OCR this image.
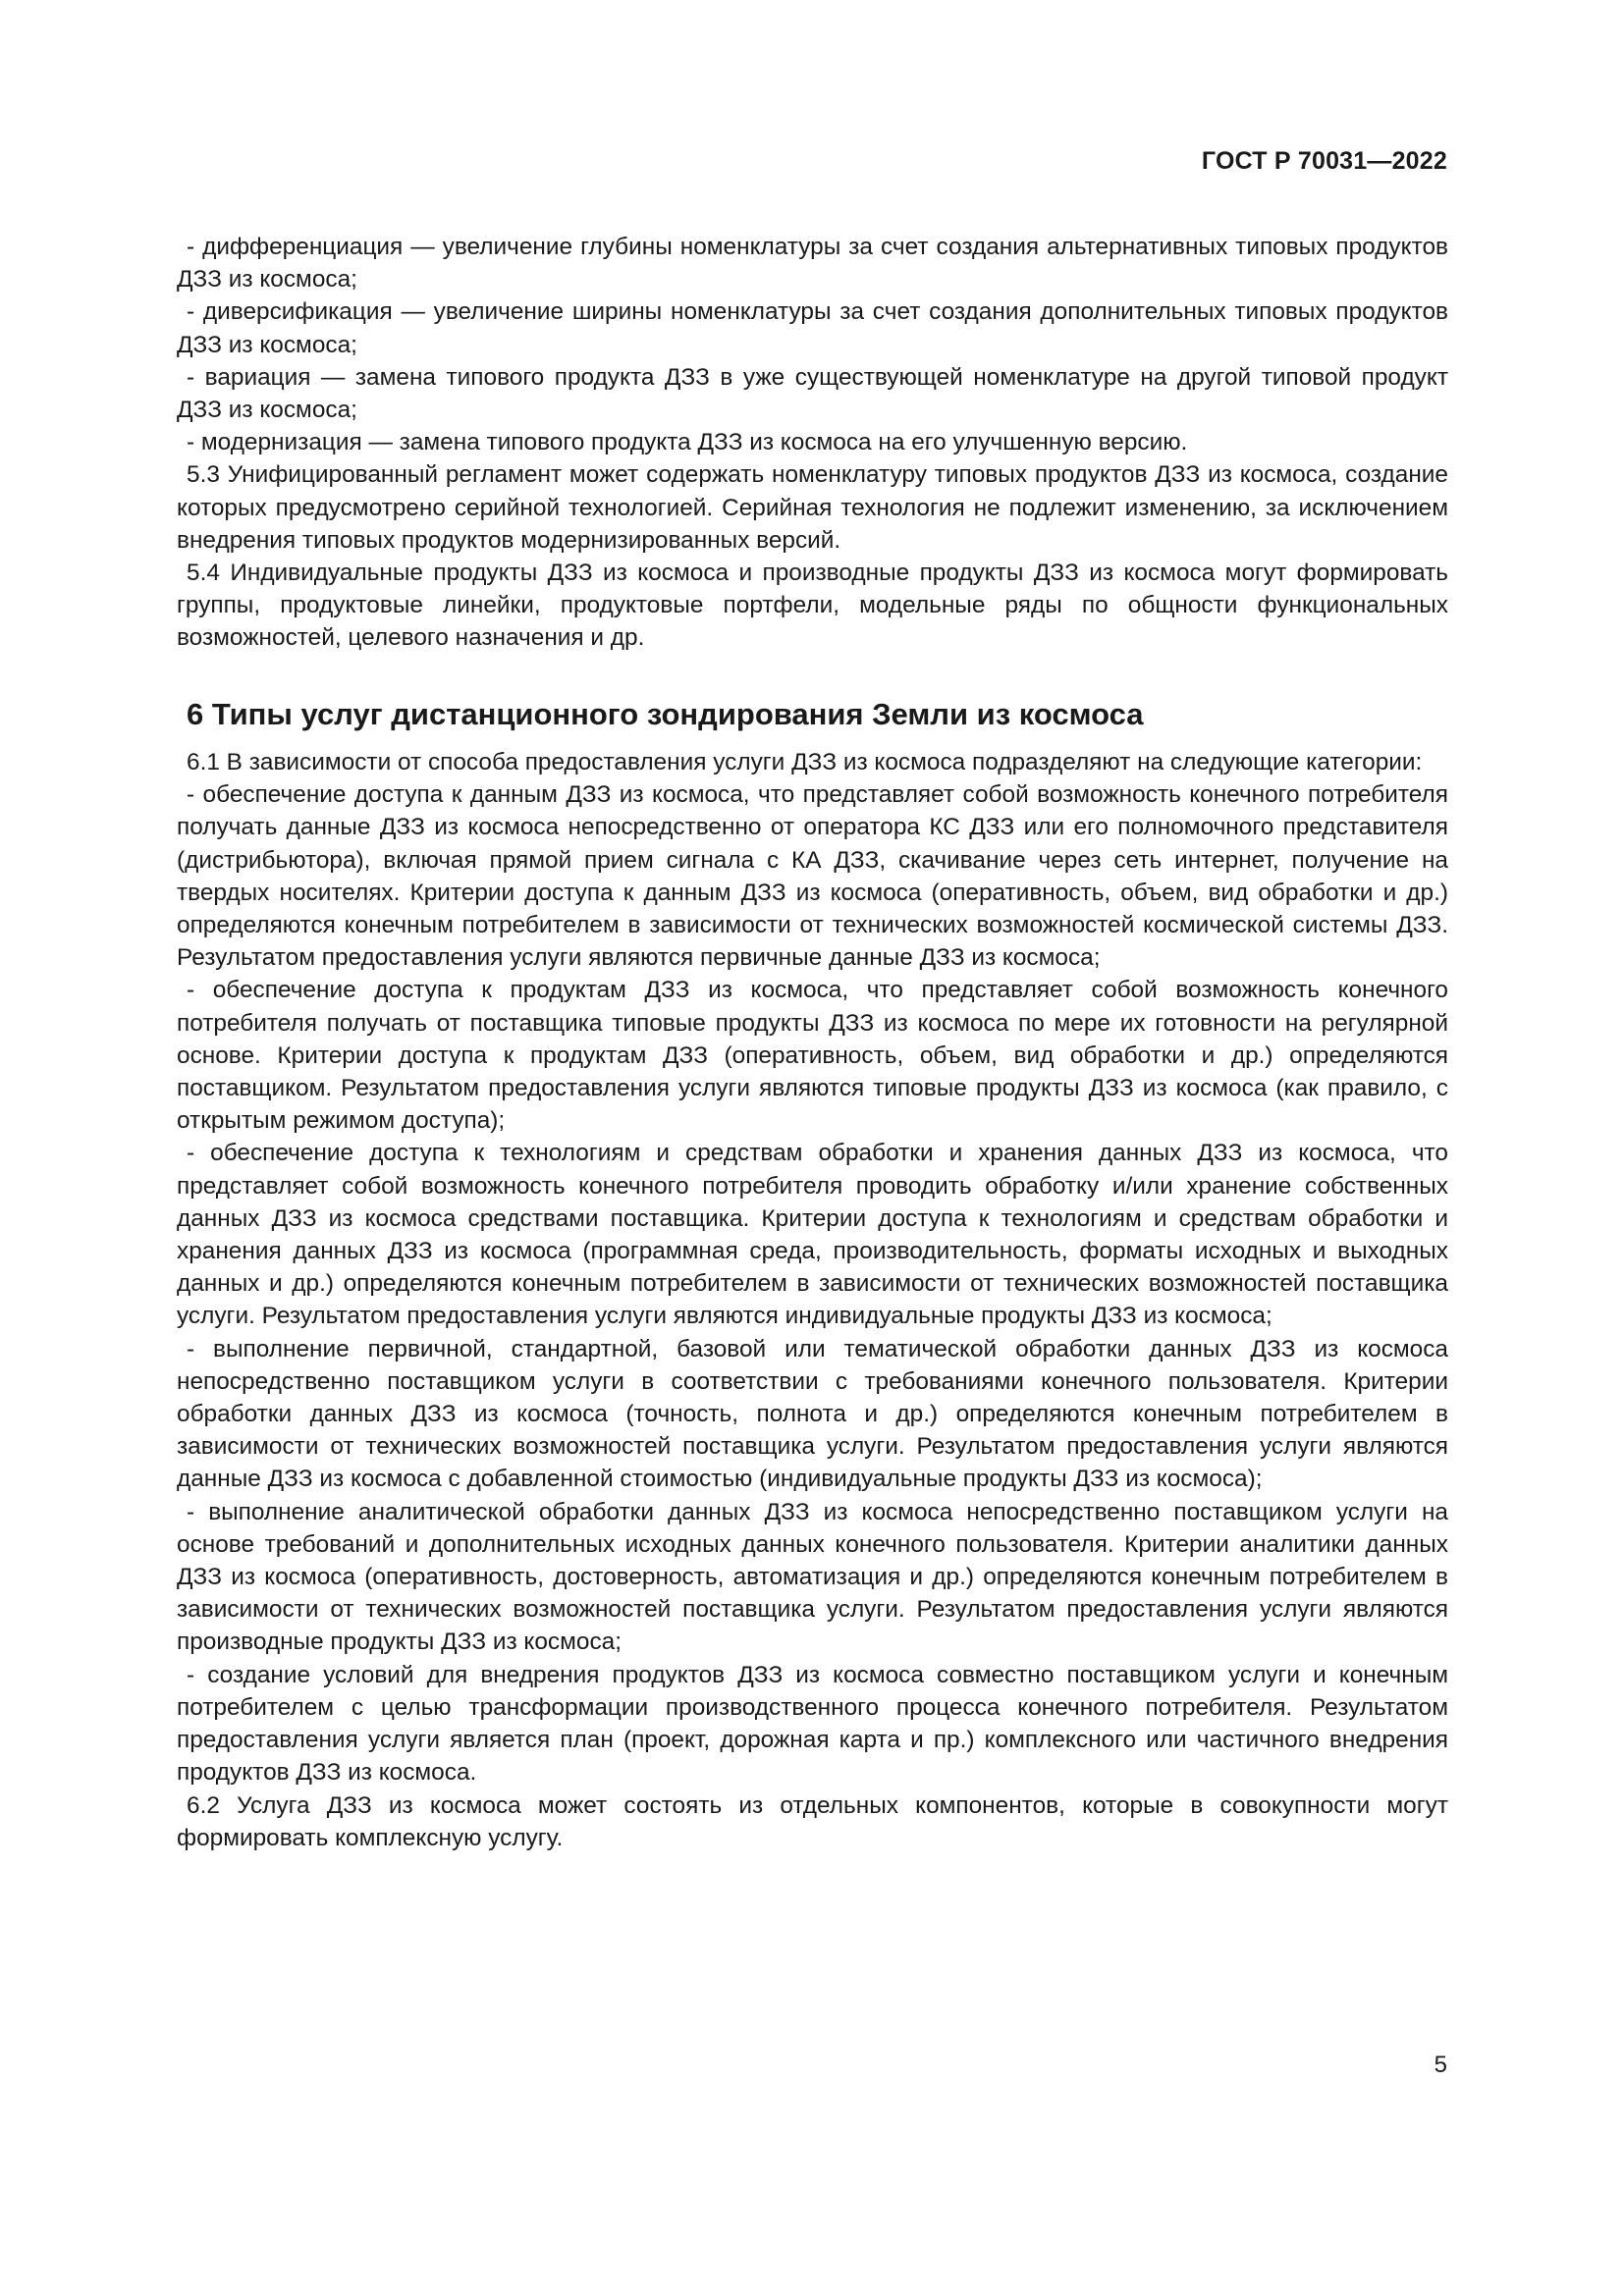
ГОСТ Р 70031—2022

- дифференциация — увеличение глубины номенклатуры за счет создания альтернативных типовых продуктов ДЗЗ из космоса;

- диверсификация — увеличение ширины номенклатуры за счет создания дополнительных типовых продуктов ДЗЗ из космоса;

- вариация — замена типового продукта ДЗЗ в уже существующей номенклатуре на другой типовой продукт ДЗЗ из космоса;

- модернизация — замена типового продукта ДЗЗ из космоса на его улучшенную версию.

5.3 Унифицированный регламент может содержать номенклатуру типовых продуктов ДЗЗ из космоса, создание которых предусмотрено серийной технологией. Серийная технология не подлежит изменению, за исключением внедрения типовых продуктов модернизированных версий.

5.4 Индивидуальные продукты ДЗЗ из космоса и производные продукты ДЗЗ из космоса могут формировать группы, продуктовые линейки, продуктовые портфели, модельные ряды по общности функциональных возможностей, целевого назначения и др.

6 Типы услуг дистанционного зондирования Земли из космоса

6.1 В зависимости от способа предоставления услуги ДЗЗ из космоса подразделяют на следующие категории:

- обеспечение доступа к данным ДЗЗ из космоса, что представляет собой возможность конечного потребителя получать данные ДЗЗ из космоса непосредственно от оператора КС ДЗЗ или его полномочного представителя (дистрибьютора), включая прямой прием сигнала с КА ДЗЗ, скачивание через сеть интернет, получение на твердых носителях. Критерии доступа к данным ДЗЗ из космоса (оперативность, объем, вид обработки и др.) определяются конечным потребителем в зависимости от технических возможностей космической системы ДЗЗ. Результатом предоставления услуги являются первичные данные ДЗЗ из космоса;

- обеспечение доступа к продуктам ДЗЗ из космоса, что представляет собой возможность конечного потребителя получать от поставщика типовые продукты ДЗЗ из космоса по мере их готовности на регулярной основе. Критерии доступа к продуктам ДЗЗ (оперативность, объем, вид обработки и др.) определяются поставщиком. Результатом предоставления услуги являются типовые продукты ДЗЗ из космоса (как правило, с открытым режимом доступа);

- обеспечение доступа к технологиям и средствам обработки и хранения данных ДЗЗ из космоса, что представляет собой возможность конечного потребителя проводить обработку и/или хранение собственных данных ДЗЗ из космоса средствами поставщика. Критерии доступа к технологиям и средствам обработки и хранения данных ДЗЗ из космоса (программная среда, производительность, форматы исходных и выходных данных и др.) определяются конечным потребителем в зависимости от технических возможностей поставщика услуги. Результатом предоставления услуги являются индивидуальные продукты ДЗЗ из космоса;

- выполнение первичной, стандартной, базовой или тематической обработки данных ДЗЗ из космоса непосредственно поставщиком услуги в соответствии с требованиями конечного пользователя. Критерии обработки данных ДЗЗ из космоса (точность, полнота и др.) определяются конечным потребителем в зависимости от технических возможностей поставщика услуги. Результатом предоставления услуги являются данные ДЗЗ из космоса с добавленной стоимостью (индивидуальные продукты ДЗЗ из космоса);

- выполнение аналитической обработки данных ДЗЗ из космоса непосредственно поставщиком услуги на основе требований и дополнительных исходных данных конечного пользователя. Критерии аналитики данных ДЗЗ из космоса (оперативность, достоверность, автоматизация и др.) определяются конечным потребителем в зависимости от технических возможностей поставщика услуги. Результатом предоставления услуги являются производные продукты ДЗЗ из космоса;

- создание условий для внедрения продуктов ДЗЗ из космоса совместно поставщиком услуги и конечным потребителем с целью трансформации производственного процесса конечного потребителя. Результатом предоставления услуги является план (проект, дорожная карта и пр.) комплексного или частичного внедрения продуктов ДЗЗ из космоса.

6.2 Услуга ДЗЗ из космоса может состоять из отдельных компонентов, которые в совокупности могут формировать комплексную услугу.

5
